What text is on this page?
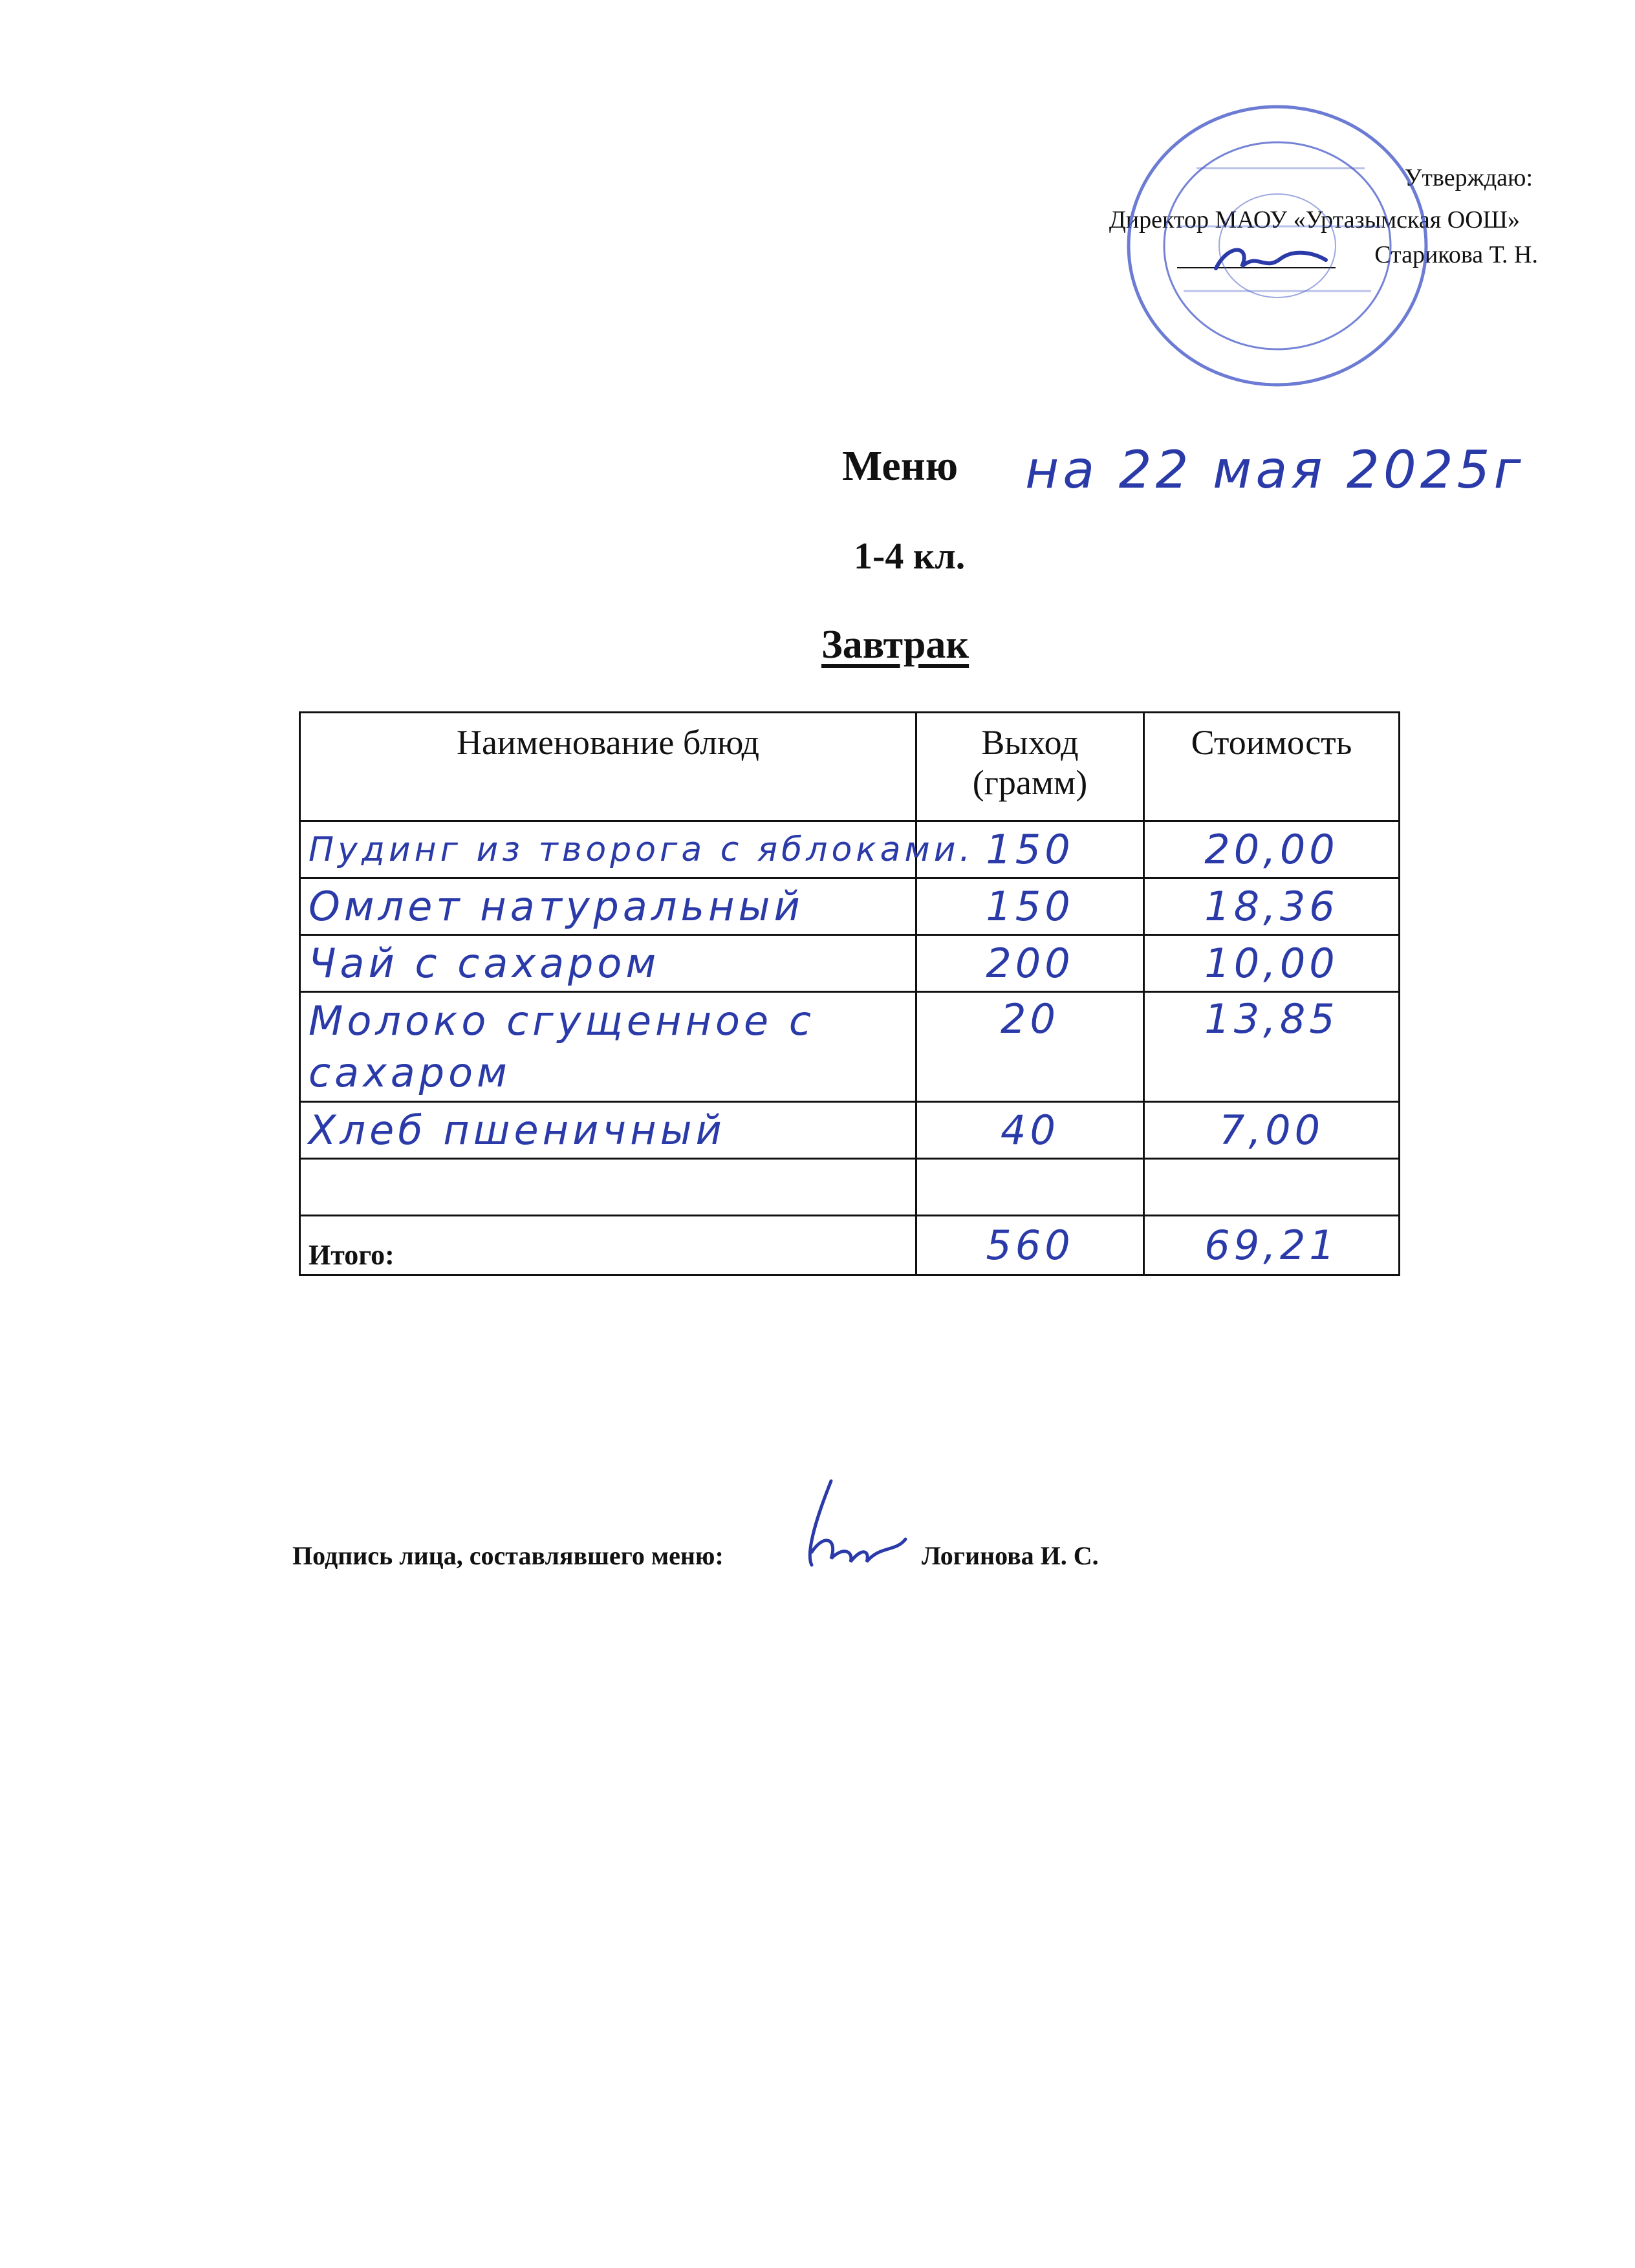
Утверждаю:
Директор МАОУ «Уртазымская ООШ»
Старикова Т. Н.
Меню на 22 мая 2025г
1-4 кл.
Завтрак
Наименование блюд	Выход (грамм)	Стоимость
Пудинг из творога с яблоками.	150	20,00
Омлет натуральный	150	18,36
Чай с сахаром	200	10,00
Молоко сгущенное с сахаром	20	13,85
Хлеб пшеничный	40	7,00

Итого:	560	69,21
Подпись лица, составлявшего меню:	Логинова И. С.
